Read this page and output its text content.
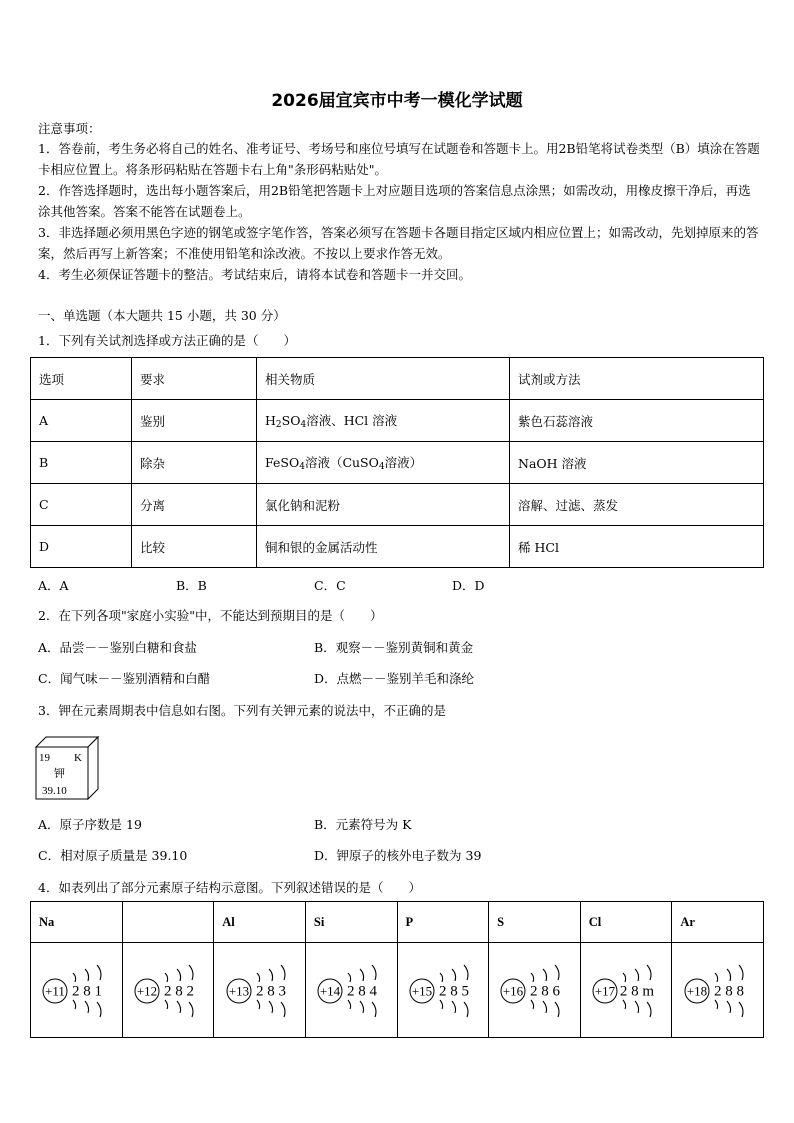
2026届宜宾市中考一模化学试题
注意事项：
1．答卷前，考生务必将自己的姓名、准考证号、考场号和座位号填写在试题卷和答题卡上。用2B铅笔将试卷类型（B）填涂在答题卡相应位置上。将条形码粘贴在答题卡右上角"条形码粘贴处"。
2．作答选择题时，选出每小题答案后，用2B铅笔把答题卡上对应题目选项的答案信息点涂黑；如需改动，用橡皮擦干净后，再选涂其他答案。答案不能答在试题卷上。
3．非选择题必须用黑色字迹的钢笔或签字笔作答，答案必须写在答题卡各题目指定区域内相应位置上；如需改动，先划掉原来的答案，然后再写上新答案；不准使用铅笔和涂改液。不按以上要求作答无效。
4．考生必须保证答题卡的整洁。考试结束后，请将本试卷和答题卡一并交回。
一、单选题（本大题共 15 小题，共 30 分）
1．下列有关试剂选择或方法正确的是（　　）
选项	要求	相关物质	试剂或方法
A	鉴别	$H_2SO_4$溶液、HCl 溶液	紫色石蕊溶液
B	除杂	FeSO$_4$溶液（CuSO$_4$溶液）	NaOH 溶液
C	分离	氯化钠和泥粉	溶解、过滤、蒸发
D	比较	铜和银的金属活动性	稀 HCl
A．A	B．B	C．C	D．D
2．在下列各项"家庭小实验"中，不能达到预期目的是（　　）
A．品尝－－鉴别白糖和食盐	B．观察－－鉴别黄铜和黄金
C．闻气味－－鉴别酒精和白醋	D．点燃－－鉴别羊毛和涤纶
3．钾在元素周期表中信息如右图。下列有关钾元素的说法中，不正确的是
19 K
钾
39.10
A．原子序数是 19	B．元素符号为 K
C．相对原子质量是 39.10	D．钾原子的核外电子数为 39
4．如表列出了部分元素原子结构示意图。下列叙述错误的是（　　）
Na		Al	Si	P	S	Cl	Ar

+11 2 8 1	+12 2 8 2	+13 2 8 3	+14 2 8 4	+15 2 8 5	+16 2 8 6	+17 2 8 m	+18 2 8 8
